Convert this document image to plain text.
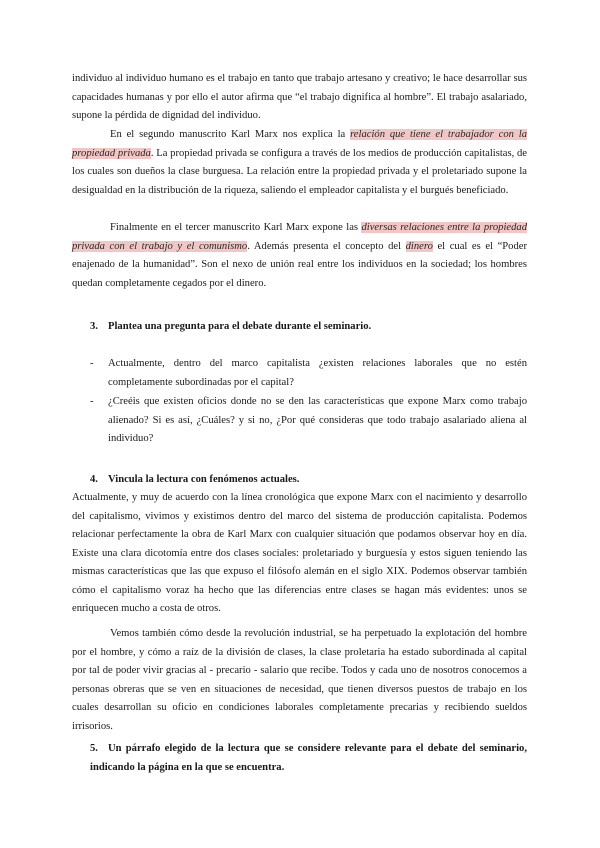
individuo al individuo humano es el trabajo en tanto que trabajo artesano y creativo; le hace desarrollar sus capacidades humanas y por ello el autor afirma que “el trabajo dignifica al hombre”. El trabajo asalariado, supone la pérdida de dignidad del individuo.

En el segundo manuscrito Karl Marx nos explica la relación que tiene el trabajador con la propiedad privada. La propiedad privada se configura a través de los medios de producción capitalistas, de los cuales son dueños la clase burguesa. La relación entre la propiedad privada y el proletariado supone la desigualdad en la distribución de la riqueza, saliendo el empleador capitalista y el burgués beneficiado.

Finalmente en el tercer manuscrito Karl Marx expone las diversas relaciones entre la propiedad privada con el trabajo y el comunismo. Además presenta el concepto del dinero el cual es el “Poder enajenado de la humanidad”. Son el nexo de unión real entre los individuos en la sociedad; los hombres quedan completamente cegados por el dinero.

3. Plantea una pregunta para el debate durante el seminario.

- Actualmente, dentro del marco capitalista ¿existen relaciones laborales que no estén completamente subordinadas por el capital?

- ¿Creéis que existen oficios donde no se den las características que expone Marx como trabajo alienado? Si es así, ¿Cuáles? y si no, ¿Por qué consideras que todo trabajo asalariado aliena al individuo?

4. Vincula la lectura con fenómenos actuales.

Actualmente, y muy de acuerdo con la línea cronológica que expone Marx con el nacimiento y desarrollo del capitalismo, vivimos y existimos dentro del marco del sistema de producción capitalista. Podemos relacionar perfectamente la obra de Karl Marx con cualquier situación que podamos observar hoy en día. Existe una clara dicotomía entre dos clases sociales: proletariado y burguesía y estos siguen teniendo las mismas características que las que expuso el filósofo alemán en el siglo XIX. Podemos observar también cómo el capitalismo voraz ha hecho que las diferencias entre clases se hagan más evidentes: unos se enriquecen mucho a costa de otros.

Vemos también cómo desde la revolución industrial, se ha perpetuado la explotación del hombre por el hombre, y cómo a raíz de la división de clases, la clase proletaria ha estado subordinada al capital por tal de poder vivir gracias al - precario - salario que recibe. Todos y cada uno de nosotros conocemos a personas obreras que se ven en situaciones de necesidad, que tienen diversos puestos de trabajo en los cuales desarrollan su oficio en condiciones laborales completamente precarias y recibiendo sueldos irrisorios.

5. Un párrafo elegido de la lectura que se considere relevante para el debate del seminario, indicando la página en la que se encuentra.
